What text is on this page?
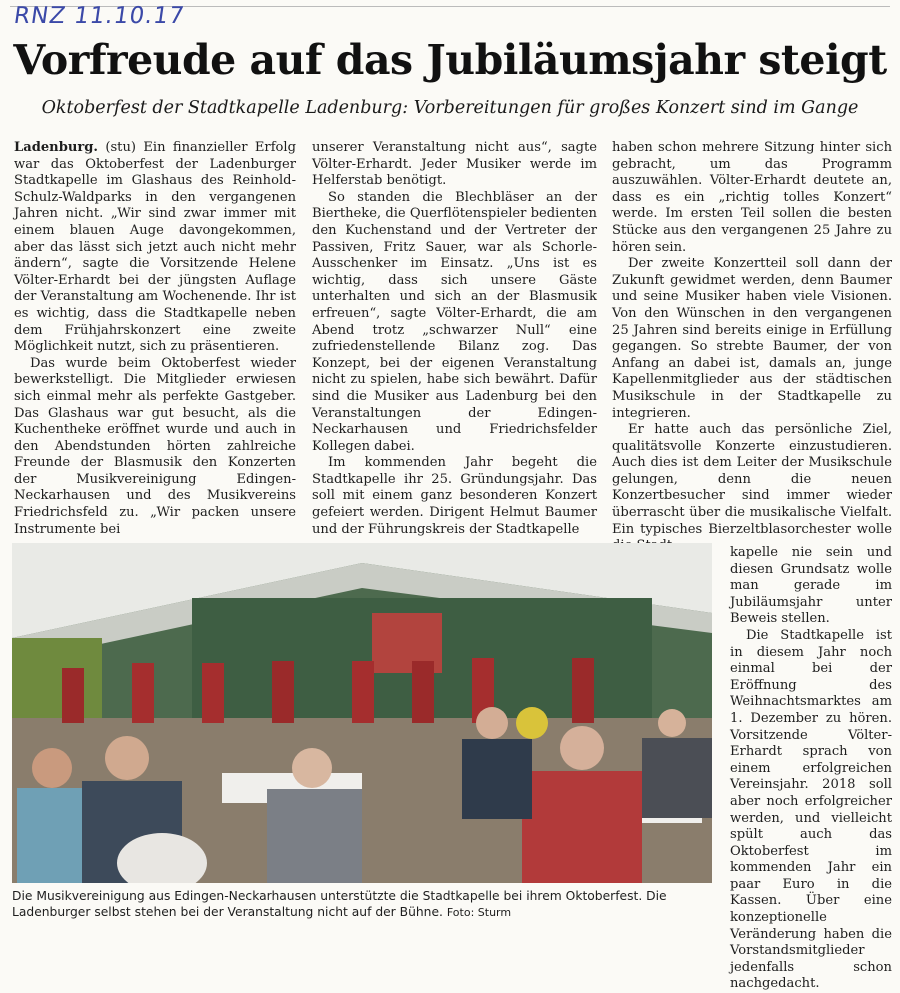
RNZ 11.10.17
Vorfreude auf das Jubiläumsjahr steigt
Oktoberfest der Stadtkapelle Ladenburg: Vorbereitungen für großes Konzert sind im Gange

Ladenburg. (stu) Ein finanzieller Erfolg war das Oktoberfest der Ladenburger Stadtkapelle im Glashaus des Reinhold-Schulz-Waldparks in den vergangenen Jahren nicht. „Wir sind zwar immer mit einem blauen Auge davongekommen, aber das lässt sich jetzt auch nicht mehr ändern“, sagte die Vorsitzende Helene Völter-Erhardt bei der jüngsten Auflage der Veranstaltung am Wochenende. Ihr ist es wichtig, dass die Stadtkapelle neben dem Frühjahrskonzert eine zweite Möglichkeit nutzt, sich zu präsentieren.

Das wurde beim Oktoberfest wieder bewerkstelligt. Die Mitglieder erwiesen sich einmal mehr als perfekte Gastgeber. Das Glashaus war gut besucht, als die Kuchentheke eröffnet wurde und auch in den Abendstunden hörten zahlreiche Freunde der Blasmusik den Konzerten der Musikvereinigung Edingen-Neckarhausen und des Musikvereins Friedrichsfeld zu. „Wir packen unsere Instrumente bei

unserer Veranstaltung nicht aus“, sagte Völter-Erhardt. Jeder Musiker werde im Helferstab benötigt.

So standen die Blechbläser an der Biertheke, die Querflötenspieler bedienten den Kuchenstand und der Vertreter der Passiven, Fritz Sauer, war als Schorle-Ausschenker im Einsatz. „Uns ist es wichtig, dass sich unsere Gäste unterhalten und sich an der Blasmusik erfreuen“, sagte Völter-Erhardt, die am Abend trotz „schwarzer Null“ eine zufriedenstellende Bilanz zog. Das Konzept, bei der eigenen Veranstaltung nicht zu spielen, habe sich bewährt. Dafür sind die Musiker aus Ladenburg bei den Veranstaltungen der Edingen-Neckarhausen und Friedrichsfelder Kollegen dabei.

Im kommenden Jahr begeht die Stadtkapelle ihr 25. Gründungsjahr. Das soll mit einem ganz besonderen Konzert gefeiert werden. Dirigent Helmut Baumer und der Führungskreis der Stadtkapelle

haben schon mehrere Sitzung hinter sich gebracht, um das Programm auszuwählen. Völter-Erhardt deutete an, dass es ein „richtig tolles Konzert“ werde. Im ersten Teil sollen die besten Stücke aus den vergangenen 25 Jahre zu hören sein.

Der zweite Konzertteil soll dann der Zukunft gewidmet werden, denn Baumer und seine Musiker haben viele Visionen. Von den Wünschen in den vergangenen 25 Jahren sind bereits einige in Erfüllung gegangen. So strebte Baumer, der von Anfang an dabei ist, damals an, junge Kapellenmitglieder aus der städtischen Musikschule in der Stadtkapelle zu integrieren.

Er hatte auch das persönliche Ziel, qualitätsvolle Konzerte einzustudieren. Auch dies ist dem Leiter der Musikschule gelungen, denn die neuen Konzertbesucher sind immer wieder überrascht über die musikalische Vielfalt. Ein typisches Bierzeltblasorchester wolle

kapelle nie sein und diesen Grundsatz wolle man gerade im Jubiläumsjahr unter Beweis stellen.

Die Stadtkapelle ist in diesem Jahr noch einmal bei der Eröffnung des Weihnachtsmarktes am 1. Dezember zu hören. Vorsitzende Völter-Erhardt sprach von einem erfolgreichen Vereinsjahr. 2018 soll aber noch erfolgreicher werden, und vielleicht spült auch das Oktoberfest im kommenden Jahr ein paar Euro in die Kassen. Über eine konzeptionelle Veränderung haben die Vorstandsmitglieder jedenfalls schon nachgedacht.

Die Musikvereinigung aus Edingen-Neckarhausen unterstützte die Stadtkapelle bei ihrem Oktoberfest. Die Ladenburger selbst stehen bei der Veranstaltung nicht auf der Bühne. Foto: Sturm
